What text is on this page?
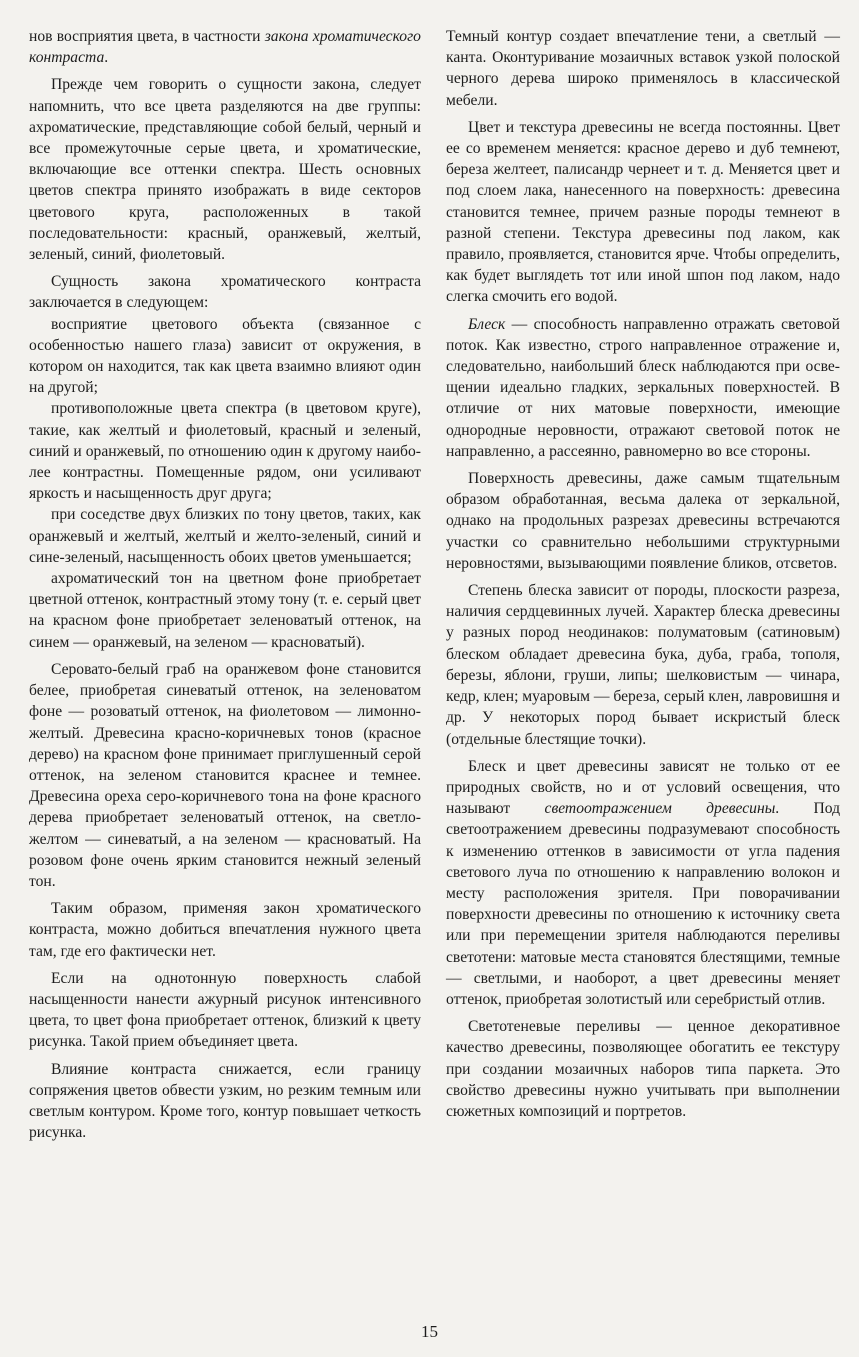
нов восприятия цвета, в частности закона хроматического контраста.

Прежде чем говорить о сущности закона, следует напомнить, что все цвета разделяются на две группы: ахроматические, представляющие собой белый, черный и все промежуточные серые цвета, и хроматические, включающие все оттенки спектра. Шесть основных цветов спектра принято изображать в виде секторов цветового круга, расположенных в такой последовательности: красный, оранжевый, желтый, зеленый, синий, фиолетовый.

Сущность закона хроматического контраста заключается в следующем:

восприятие цветового объекта (связанное с особенностью нашего глаза) зависит от окружения, в котором он находится, так как цвета взаимно влияют один на другой;

противоположные цвета спектра (в цветовом круге), такие, как желтый и фиолетовый, красный и зеленый, синий и оранжевый, по отношению один к другому наиболее контрастны. Помещенные рядом, они усиливают яркость и насыщенность друг друга;

при соседстве двух близких по тону цветов, таких, как оранжевый и желтый, желтый и желто-зеленый, синий и сине-зеленый, насыщенность обоих цветов уменьшается;

ахроматический тон на цветном фоне приобретает цветной оттенок, контрастный этому тону (т. е. серый цвет на красном фоне приобретает зеленоватый оттенок, на синем — оранжевый, на зеленом — красноватый).

Серовато-белый граб на оранжевом фоне становится белее, приобретая синеватый оттенок, на зеленоватом фоне — розоватый оттенок, на фиолетовом — лимонно-желтый. Древесина красно-коричневых тонов (красное дерево) на красном фоне принимает приглушенный серой оттенок, на зеленом становится краснее и темнее. Древесина ореха серо-коричневого тона на фоне красного дерева приобретает зеленоватый оттенок, на светло-желтом — синеватый, а на зеленом — красноватый. На розовом фоне очень ярким становится нежный зеленый тон.

Таким образом, применяя закон хроматического контраста, можно добиться впечатления нужного цвета там, где его фактически нет.

Если на однотонную поверхность слабой насыщенности нанести ажурный рисунок интенсивного цвета, то цвет фона приобретает оттенок, близкий к цвету рисунка. Такой прием объединяет цвета.

Влияние контраста снижается, если границу сопряжения цветов обвести узким, но резким темным или светлым контуром. Кроме того, контур повышает четкость рисунка.

Темный контур создает впечатление тени, а светлый — канта. Оконтуривание мозаичных вставок узкой полоской черного дерева широко применялось в классической мебели.

Цвет и текстура древесины не всегда постоянны. Цвет ее со временем меняется: красное дерево и дуб темнеют, береза желтеет, палисандр чернеет и т. д. Меняется цвет и под слоем лака, нанесенного на поверхность: древесина становится темнее, причем разные породы темнеют в разной степени. Текстура древесины под лаком, как правило, проявляется, становится ярче. Чтобы определить, как будет выглядеть тот или иной шпон под лаком, надо слегка смочить его водой.

Блеск — способность направленно отражать световой поток. Как известно, строго направленное отражение и, следовательно, наибольший блеск наблюдаются при освещении идеально гладких, зеркальных поверхностей. В отличие от них матовые поверхности, имеющие однородные неровности, отражают световой поток не направленно, а рассеянно, равномерно во все стороны.

Поверхность древесины, даже самым тщательным образом обработанная, весьма далека от зеркальной, однако на продольных разрезах древесины встречаются участки со сравнительно небольшими структурными неровностями, вызывающими появление бликов, отсветов.

Степень блеска зависит от породы, плоскости разреза, наличия сердцевинных лучей. Характер блеска древесины у разных пород неодинаков: полуматовым (сатиновым) блеском обладает древесина бука, дуба, граба, тополя, березы, яблони, груши, липы; шелковистым — чинара, кедр, клен; муаровым — береза, серый клен, лавровишня и др. У некоторых пород бывает искристый блеск (отдельные блестящие точки).

Блеск и цвет древесины зависят не только от ее природных свойств, но и от условий освещения, что называют светоотражением древесины. Под светоотражением древесины подразумевают способность к изменению оттенков в зависимости от угла падения светового луча по отношению к направлению волокон и месту расположения зрителя. При поворачивании поверхности древесины по отношению к источнику света или при перемещении зрителя наблюдаются переливы светотени: матовые места становятся блестящими, темные — светлыми, и наоборот, а цвет древесины меняет оттенок, приобретая золотистый или серебристый отлив.

Светотеневые переливы — ценное декоративное качество древесины, позволяющее обогатить ее текстуру при создании мозаичных наборов типа паркета. Это свойство древесины нужно учитывать при выполнении сюжетных композиций и портретов.

15
